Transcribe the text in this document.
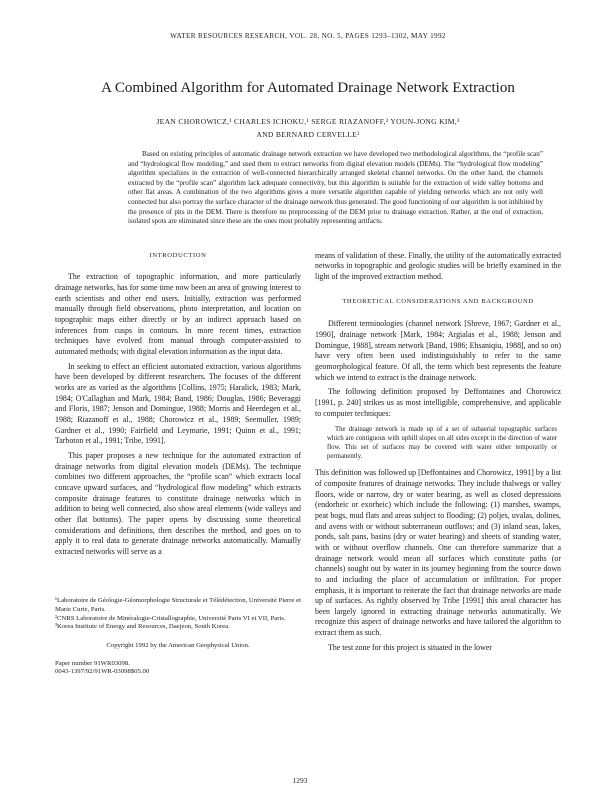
WATER RESOURCES RESEARCH, VOL. 28, NO. 5, PAGES 1293–1302, MAY 1992
A Combined Algorithm for Automated Drainage Network Extraction
JEAN CHOROWICZ,¹ CHARLES ICHOKU,¹ SERGE RIAZANOFF,² YOUN-JONG KIM,³
AND BERNARD CERVELLE²

Based on existing principles of automatic drainage network extraction we have developed two methodological algorithms, the “profile scan” and “hydrological flow modeling,” and used them to extract networks from digital elevation models (DEMs). The “hydrological flow modeling” algorithm specializes in the extraction of well-connected hierarchically arranged skeletal channel networks. On the other hand, the channels extracted by the “profile scan” algorithm lack adequate connectivity, but this algorithm is suitable for the extraction of wide valley bottoms and other flat areas. A combination of the two algorithms gives a more versatile algorithm capable of yielding networks which are not only well connected but also portray the surface character of the drainage network thus generated. The good functioning of our algorithm is not inhibited by the presence of pits in the DEM. There is therefore no preprocessing of the DEM prior to drainage extraction. Rather, at the end of extraction, isolated spots are eliminated since these are the ones most probably representing artifacts.

INTRODUCTION

The extraction of topographic information, and more particularly drainage networks, has for some time now been an area of growing interest to earth scientists and other end users. Initially, extraction was performed manually through field observations, photo interpretation, and location on topographic maps either directly or by an indirect approach based on inferences from cusps in contours. In more recent times, extraction techniques have evolved from manual through computer-assisted to automated methods; with digital elevation information as the input data.

In seeking to effect an efficient automated extraction, various algorithms have been developed by different researchers. The focuses of the different works are as varied as the algorithms [Collins, 1975; Haralick, 1983; Mark, 1984; O'Callaghan and Mark, 1984; Band, 1986; Douglas, 1986; Beveraggi and Floris, 1987; Jenson and Domingue, 1988; Morris and Heerdegen et al., 1988; Riazanoff et al., 1988; Chorowicz et al., 1989; Seemuller, 1989; Gardner et al., 1990; Fairfield and Leymarie, 1991; Quinn et al., 1991; Tarboton et al., 1991; Tribe, 1991].

This paper proposes a new technique for the automated extraction of drainage networks from digital elevation models (DEMs). The technique combines two different approaches, the “profile scan” which extracts local concave upward surfaces, and “hydrological flow modeling” which extracts composite drainage features to constitute drainage networks which in addition to being well connected, also show areal elements (wide valleys and other flat bottoms). The paper opens by discussing some theoretical considerations and definitions, then describes the method, and goes on to apply it to real data to generate drainage networks automatically. Manually extracted networks will serve as a

¹Laboratoire de Géologie-Géomorphologie Structurale et Télédétection, Université Pierre et Marie Curie, Paris.

²CNRS Laboratoire de Minéralogie-Cristallographie, Université Paris VI et VII, Paris.

³Korea Institute of Energy and Resources, Daejeon, South Korea.

Copyright 1992 by the American Geophysical Union.
Paper number 91WR03098.
0043-1397/92/91WR-03098$05.00

means of validation of these. Finally, the utility of the automatically extracted networks in topographic and geologic studies will be briefly examined in the light of the improved extraction method.

THEORETICAL CONSIDERATIONS AND BACKGROUND

Different terminologies (channel network [Shreve, 1967; Gardner et al., 1990], drainage network [Mark, 1984; Argialas et al., 1988; Jenson and Domingue, 1988], stream network [Band, 1986; Ehsaniqiu, 1988], and so on) have very often been used indistinguishably to refer to the same geomorphological feature. Of all, the term which best represents the feature which we intend to extract is the drainage network.

The following definition proposed by Deffontaines and Chorowicz [1991, p. 240] strikes us as most intelligible, comprehensive, and applicable to computer techniques:

The drainage network is made up of a set of subaerial topographic surfaces which are contiguous with uphill slopes on all sides except in the direction of water flow. This set of surfaces may be covered with water either temporarily or permanently.

This definition was followed up [Deffontaines and Chorowicz, 1991] by a list of composite features of drainage networks. They include thalwegs or valley floors, wide or narrow, dry or water bearing, as well as closed depressions (endorheic or exorheic) which include the following: (1) marshes, swamps, peat bogs, mud flats and areas subject to flooding; (2) poljes, uvalas, dolines, and avens with or without subterranean outflows; and (3) inland seas, lakes, ponds, salt pans, basins (dry or water bearing) and sheets of standing water, with or without overflow channels. One can therefore summarize that a drainage network would mean all surfaces which constitute paths (or channels) sought out by water in its journey beginning from the source down to and including the place of accumulation or infiltration. For proper emphasis, it is important to reiterate the fact that drainage networks are made up of surfaces. As rightly observed by Tribe [1991] this areal character has been largely ignored in extracting drainage networks automatically. We recognize this aspect of drainage networks and have tailored the algorithm to extract them as such.

The test zone for this project is situated in the lower

1293
